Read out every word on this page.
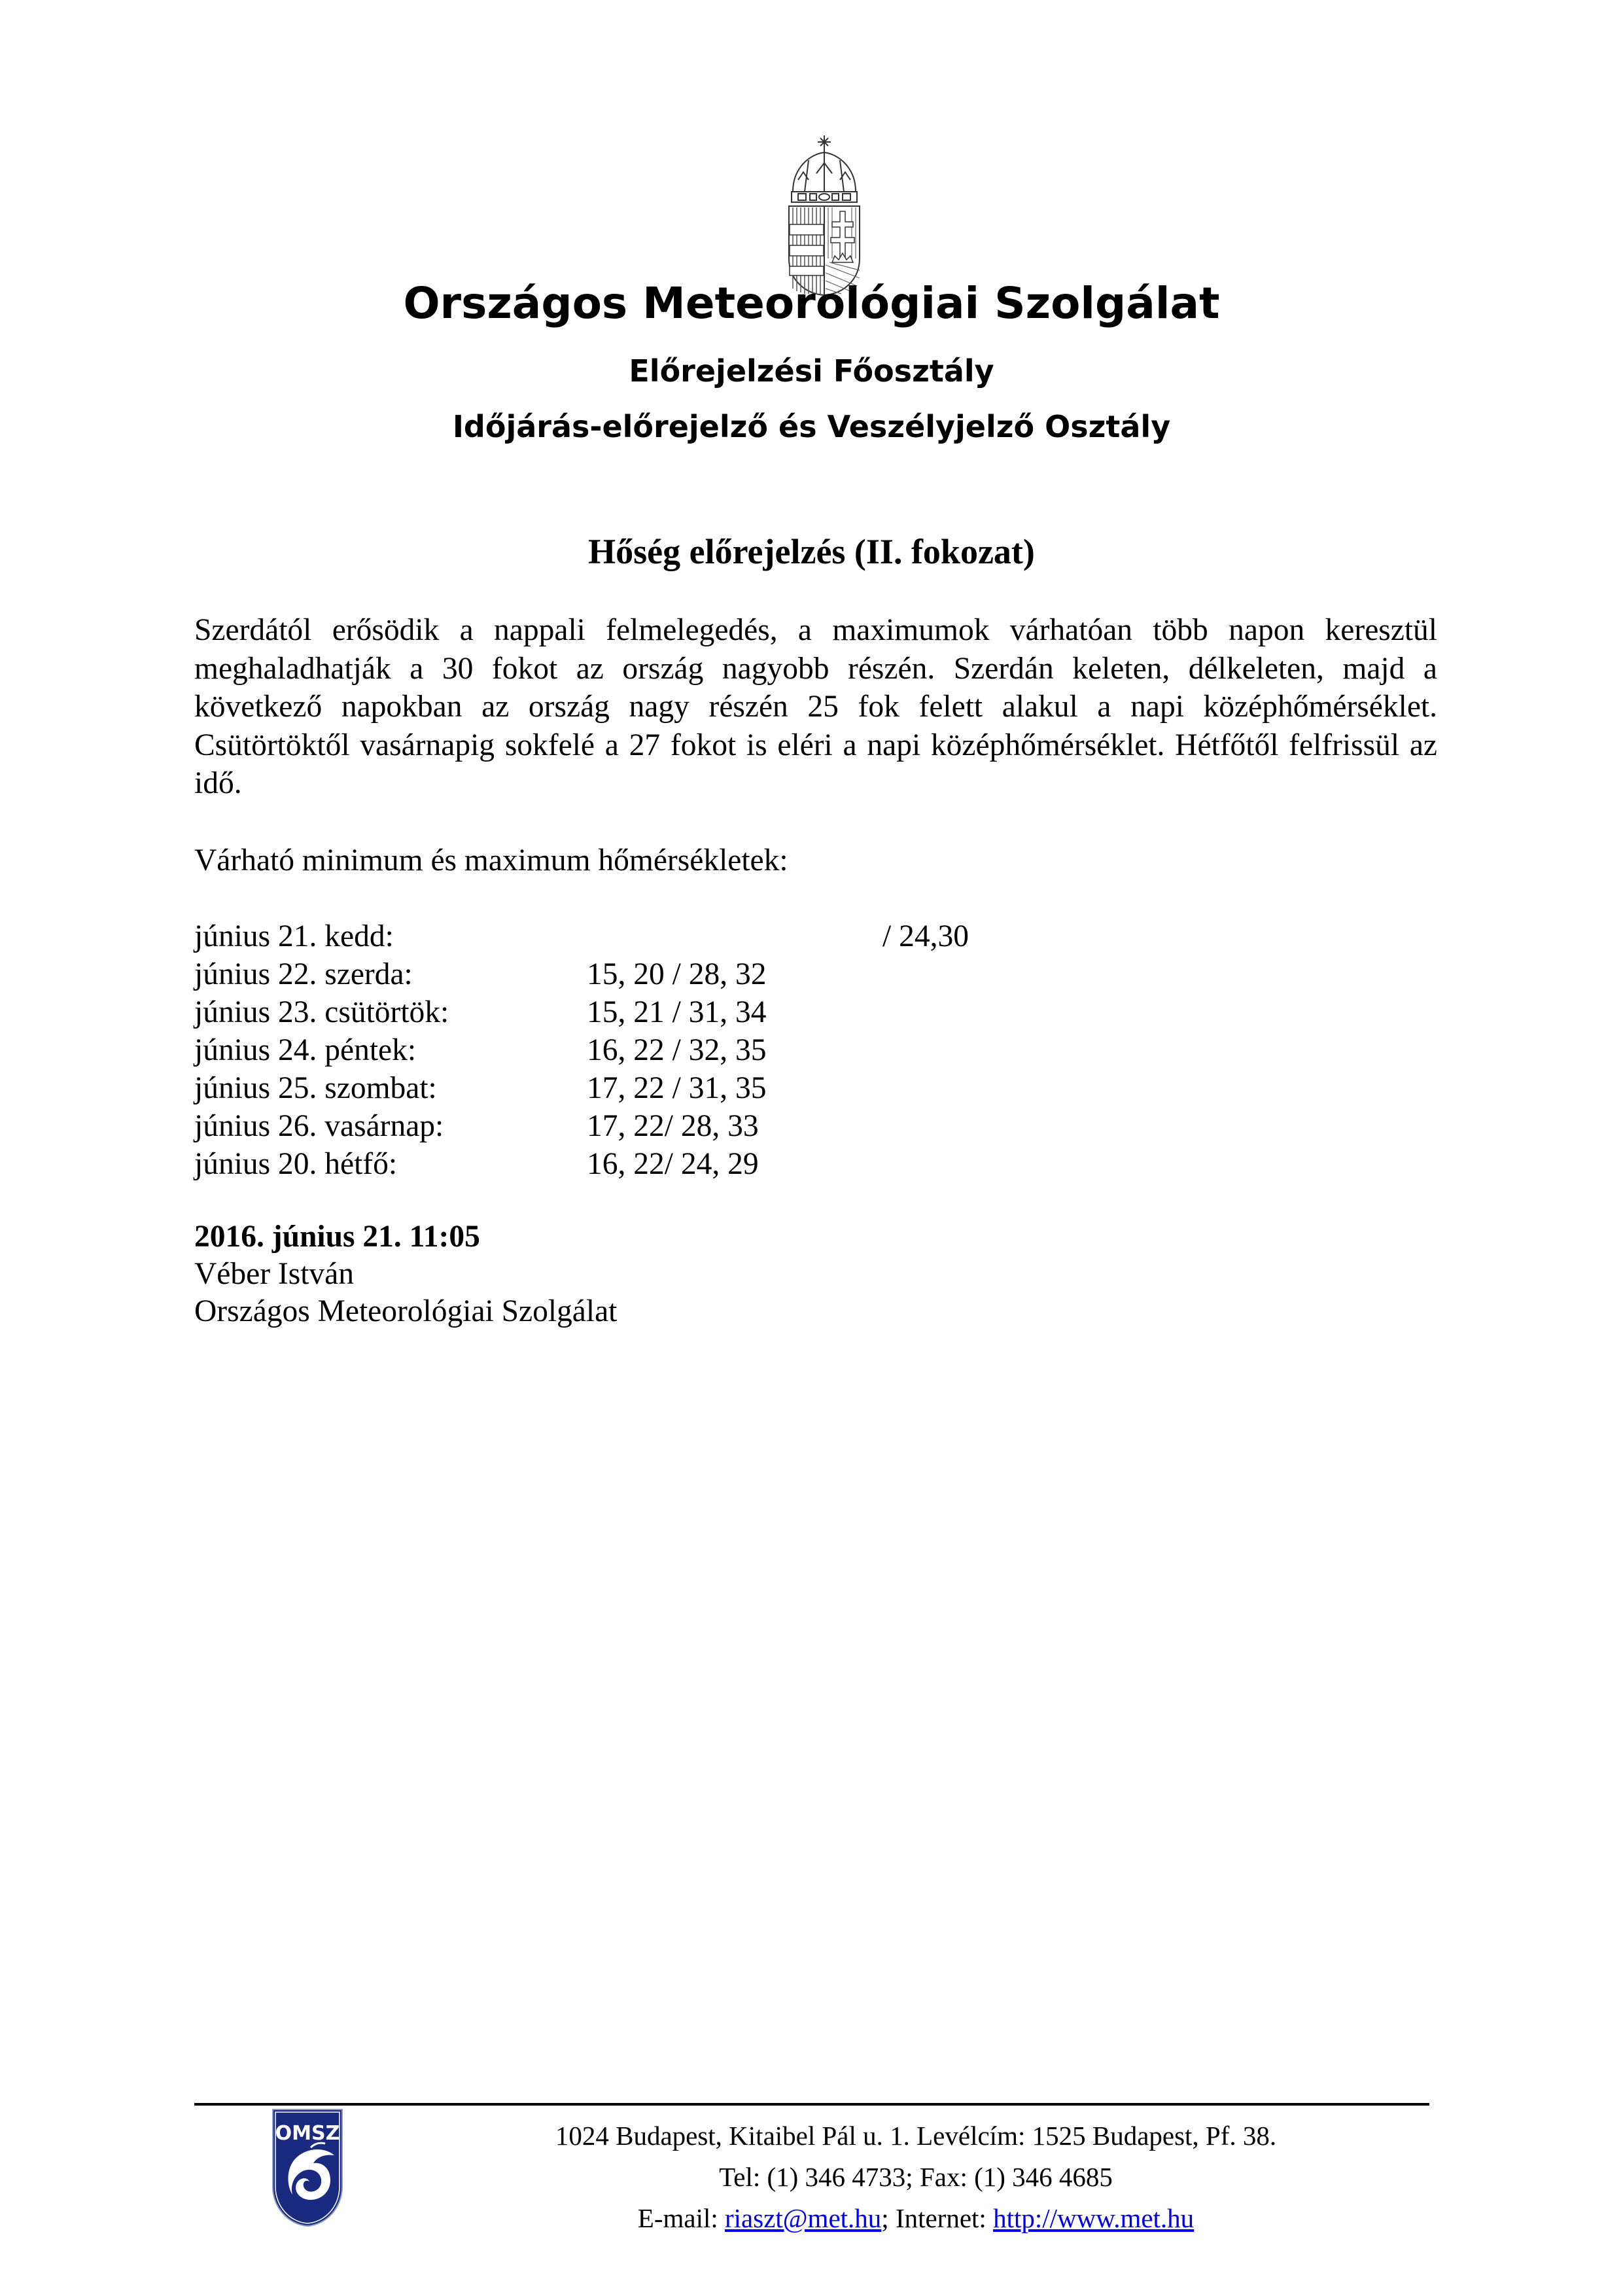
Országos Meteorológiai Szolgálat
Előrejelzési Főosztály
Időjárás-előrejelző és Veszélyjelző Osztály
Hőség előrejelzés (II. fokozat)
Szerdától erősödik a nappali felmelegedés, a maximumok várhatóan több napon keresztül meghaladhatják a 30 fokot az ország nagyobb részén. Szerdán keleten, délkeleten, majd a következő napokban az ország nagy részén 25 fok felett alakul a napi középhőmérséklet. Csütörtöktől vasárnapig sokfelé a 27 fokot is eléri a napi középhőmérséklet. Hétfőtől felfrissül az idő.
Várható minimum és maximum hőmérsékletek:
június 21. kedd:	/ 24,30
június 22. szerda:	15, 20 / 28, 32
június 23. csütörtök:	15, 21 / 31, 34
június 24. péntek:	16, 22 / 32, 35
június 25. szombat:	17, 22 / 31, 35
június 26. vasárnap:	17, 22/ 28, 33
június 20. hétfő:	16, 22/ 24, 29
2016. június 21. 11:05
Véber István
Országos Meteorológiai Szolgálat
OMSZ	1024 Budapest, Kitaibel Pál u. 1. Levélcím: 1525 Budapest, Pf. 38.
Tel: (1) 346 4733; Fax: (1) 346 4685
E-mail: riaszt@met.hu; Internet: http://www.met.hu
